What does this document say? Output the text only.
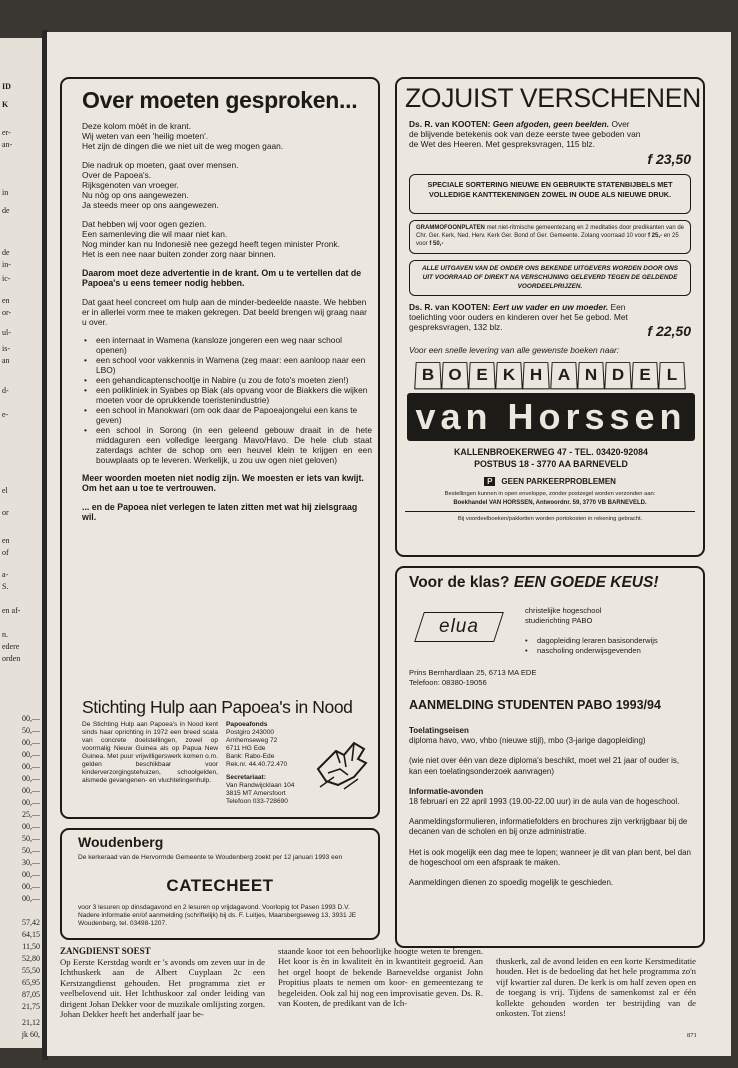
ID
K
er-
an-
in
de
de
in-
ic-
en
or-
ul-
is-
an
d-
e-
el
or
en
of
a-
S.
en af-
n.
edere
orden
00,—
50,—
00,—
00,—
00,—
00,—
00,—
00,—
25,—
00,—
50,—
50,—
30,—
00,—
00,—
00,—
57,42
64,15
11,50
52,80
55,50
65,95
87,05
21,75
21,12
jk 60,
Over moeten gesproken...

Deze kolom mòét in de krant.

Wij weten van een 'heilig moeten'.

Het zijn de dingen die we niet uit de weg mogen gaan.

Die nadruk op moeten, gaat over mensen.

Over de Papoea's.

Rijksgenoten van vroeger.

Nu nòg op ons aangewezen.

Ja steeds meer op ons aangewezen.

Dat hebben wij voor ogen gezien.

Een samenleving die wil maar niet kan.

Nog minder kan nu Indonesië nee gezegd heeft tegen minister Pronk.

Het is een nee naar buiten zonder zorg naar binnen.

Daarom moet deze advertentie in de krant. Om u te vertellen dat de Papoea's u eens temeer nodig hebben.

Dat gaat heel concreet om hulp aan de minder-bedeelde naaste. We hebben er in allerlei vorm mee te maken gekregen. Dat beeld brengen wij graag naar u over.

• een internaat in Wamena (kansloze jongeren een weg naar school openen)
• een school voor vakkennis in Wamena (zeg maar: een aanloop naar een LBO)
• een gehandicaptenschooltje in Nabire (u zou de foto's moeten zien!)
• een polikliniek in Syabes op Biak (als opvang voor de Biakkers die wijken moeten voor de oprukkende toeristenindustrie)
• een school in Manokwari (om ook daar de Papoeajongelui een kans te geven)
• een school in Sorong (in een geleend gebouw draait in de hete middaguren een volledige leergang Mavo/Havo. De hele club staat zaterdags achter de schop om een heuvel klein te krijgen en een bouwplaats op te leveren. Werkelijk, u zou uw ogen niet geloven)

Meer woorden moeten niet nodig zijn. We moesten er iets van kwijt. Om het aan u toe te vertrouwen.

... en de Papoea niet verlegen te laten zitten met wat hij zielsgraag wil.

Stichting Hulp aan Papoea's in Nood

De Stichting Hulp aan Papoea's in Nood kent sinds haar oprichting in 1972 een breed scala van concrete doelstellingen, zowel op voormalig Nieuw Guinea als op Papua New Guinea. Met puur vrijwilligerswerk komen o.m. gelden beschikbaar voor kinderverzorgingstehuizen, schoolgelden, alsmede gevangenen- en vluchtelingenhulp.

Papoeafonds

Postgiro 243000

Arnhemseweg 72

6711 HG Ede

Bank: Rabo-Ede

Rek.nr. 44.40.72.470

Secretariaat:

Van Randwijcklaan 104

3815 MT Amersfoort

Telefoon 033-728690

Woudenberg

De kerkeraad van de Hervormde Gemeente te Woudenberg zoekt per 12 januari 1993 een

CATECHEET

voor 3 lesuren op dinsdagavond en 2 lesuren op vrijdagavond. Voorlopig tot Pasen 1993 D.V. Nadere informatie en/of aanmelding (schriftelijk) bij ds. F. Luitjes, Maarsbergseweg 13, 3931 JE Woudenberg, tel. 03498-1207.

ZOJUIST VERSCHENEN

Ds. R. van KOOTEN: Geen afgoden, geen beelden. Over de blijvende betekenis ook van deze eerste twee geboden van de Wet des Heeren. Met gespreksvragen, 115 blz.

f 23,50

SPECIALE SORTERING NIEUWE EN GEBRUIKTE STATENBIJBELS MET VOLLEDIGE KANTTEKENINGEN ZOWEL IN OUDE ALS NIEUWE DRUK.

GRAMMOFOONPLATEN met niet-ritmische gemeentezang en 2 meditaties door predikanten van de Chr. Ger. Kerk, Ned. Herv. Kerk Ger. Bond of Ger. Gemeente. Zolang voorraad 10 voor f 25,- en 25 voor f 50,-

ALLE UITGAVEN VAN DE ONDER ONS BEKENDE UITGEVERS WORDEN DOOR ONS UIT VOORRAAD OF DIREKT NA VERSCHIJNING GELEVERD TEGEN DE GELDENDE VOORDEELPRIJZEN.

Ds. R. van KOOTEN: Eert uw vader en uw moeder. Een toelichting voor ouders en kinderen over het 5e gebod. Met gespreksvragen, 132 blz.	f 22,50

Voor een snelle levering van alle gewenste boeken naar:

B O E K H A N D E L
van Horssen

KALLENBROEKERWEG 47 - TEL. 03420-92084

POSTBUS 18 - 3770 AA BARNEVELD

P GEEN PARKEERPROBLEMEN

Bestellingen kunnen in open enveloppe, zonder postzegel worden verzonden aan:

Boekhandel VAN HORSSEN, Antwoordnr. 59, 3770 VB BARNEVELD.

Bij voordeelboeken/pakketten worden portokosten in rekening gebracht.

Voor de klas? EEN GOEDE KEUS!
elua

christelijke hogeschool

studierichting PABO

• dagopleiding leraren basisonderwijs
• nascholing onderwijsgevenden

Prins Bernhardlaan 25, 6713 MA EDE

Telefoon: 08380-19056

AANMELDING STUDENTEN PABO 1993/94

Toelatingseisen

diploma havo, vwo, vhbo (nieuwe stijl), mbo (3-jarige dagopleiding)

(wie niet over één van deze diploma's beschikt, moet wel 21 jaar of ouder is, kan een toelatingsonderzoek aanvragen)

Informatie-avonden

18 februari en 22 april 1993 (19.00-22.00 uur) in de aula van de hogeschool.

Aanmeldingsformulieren, informatiefolders en brochures zijn verkrijgbaar bij de decanen van de scholen en bij onze administratie.

Het is ook mogelijk een dag mee te lopen; wanneer je dit van plan bent, bel dan de hogeschool om een afspraak te maken.

Aanmeldingen dienen zo spoedig mogelijk te geschieden.

ZANGDIENST SOEST

Op Eerste Kerstdag wordt er 's avonds om zeven uur in de Ichthuskerk aan de Albert Cuyplaan 2c een Kerstzangdienst gehouden. Het programma ziet er veelbelovend uit. Het Ichthuskoor zal onder leiding van dirigent Johan Dekker voor de muzikale omlijsting zorgen. Johan Dekker heeft het anderhalf jaar be-

staande koor tot een behoorlijke hoogte weten te brengen. Het koor is èn in kwaliteit èn in kwantiteit gegroeid. Aan het orgel hoopt de bekende Barneveldse organist John Propitius plaats te nemen om koor- en gemeentezang te begeleiden. Ook zal hij nog een improvisatie geven. Ds. R. van Kooten, de predikant van de Ich-

thuskerk, zal de avond leiden en een korte Kerstmeditatie houden. Het is de bedoeling dat het hele programma zo'n vijf kwartier zal duren. De kerk is om half zeven open en de toegang is vrij. Tijdens de samenkomst zal er één kollekte gehouden worden ter bestrijding van de onkosten. Tot ziens!

871
